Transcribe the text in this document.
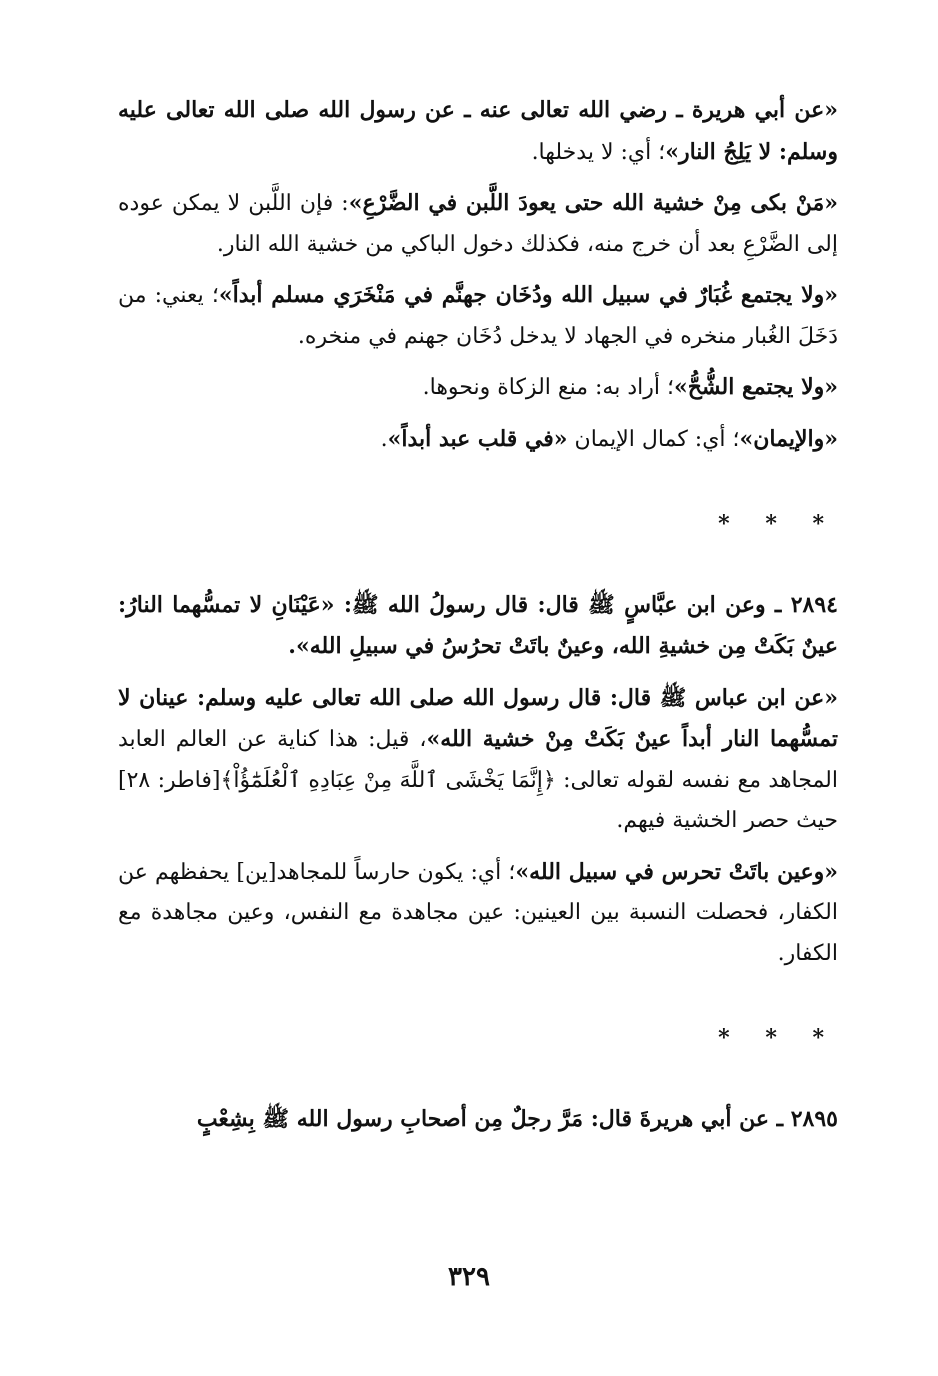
«عن أبي هريرة ـ رضي الله تعالى عنه ـ عن رسول الله صلى الله تعالى عليه وسلم: لا يَلِجُ النار»؛ أي: لا يدخلها.

«مَنْ بكى مِنْ خشية الله حتى يعودَ اللَّبن في الضَّرْعِ»: فإن اللَّبن لا يمكن عوده إلى الضَّرْعِ بعد أن خرج منه، فكذلك دخول الباكي من خشية الله النار.

«ولا يجتمع غُبَارٌ في سبيل الله ودُخَان جهنَّم في مَنْخَرَي مسلم أبداً»؛ يعني: من دَخَلَ الغُبار منخره في الجهاد لا يدخل دُخَان جهنم في منخره.

«ولا يجتمع الشُّحُّ»؛ أراد به: منع الزكاة ونحوها.

«والإيمان»؛ أي: كمال الإيمان «في قلب عبد أبداً».

* * *

٢٨٩٤ ـ وعن ابن عبَّاسٍ ﷺ قال: قال رسولُ الله ﷺ: «عَيْنَانِ لا تمسُّهما النارُ: عينٌ بَكَتْ مِن خشيةِ الله، وعينٌ باتَتْ تحرُسُ في سبيلِ الله».

«عن ابن عباس ﷺ قال: قال رسول الله صلى الله تعالى عليه وسلم: عينان لا تمسُّهما النار أبداً عينٌ بَكَتْ مِنْ خشية الله»، قيل: هذا كناية عن العالم العابد المجاهد مع نفسه لقوله تعالى: ﴿إِنَّمَا يَخْشَى ٱللَّهَ مِنْ عِبَادِهِ ٱلْعُلَمَٰٓؤُاْ﴾[فاطر: ٢٨] حيث حصر الخشية فيهم.

«وعين باتَتْ تحرس في سبيل الله»؛ أي: يكون حارساً للمجاهد[ين] يحفظهم عن الكفار، فحصلت النسبة بين العينين: عين مجاهدة مع النفس، وعين مجاهدة مع الكفار.

* * *

٢٨٩٥ ـ عن أبي هريرةَ قال: مَرَّ رجلٌ مِن أصحابِ رسول الله ﷺ بِشِعْبٍ

٣٢٩
